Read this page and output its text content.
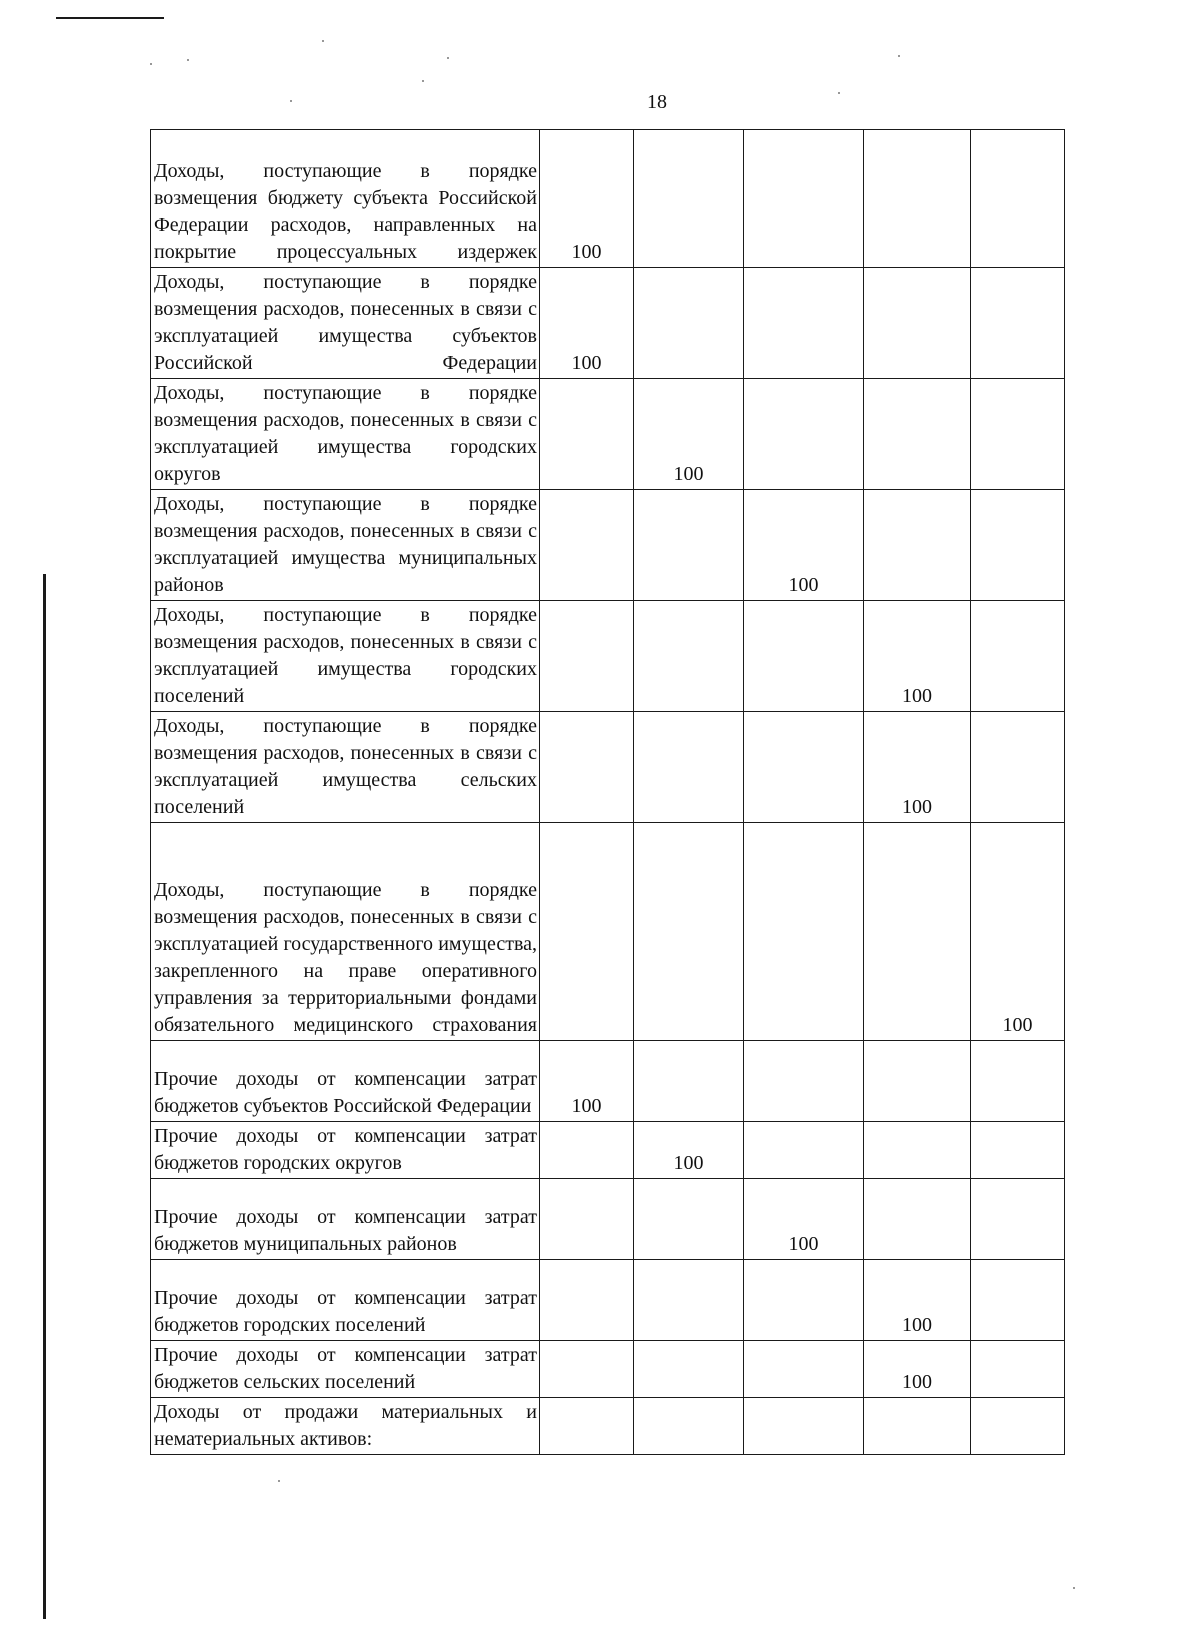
18
Доходы, поступающие в порядке возмещения бюджету субъекта Российской Федерации расходов, направленных на покрытие процессуальных издержек	100				
Доходы, поступающие в порядке возмещения расходов, понесенных в связи с эксплуатацией имущества субъектов Российской Федерации	100				
Доходы, поступающие в порядке возмещения расходов, понесенных в связи с эксплуатацией имущества городских округов		100			
Доходы, поступающие в порядке возмещения расходов, понесенных в связи с эксплуатацией имущества муниципальных районов			100		
Доходы, поступающие в порядке возмещения расходов, понесенных в связи с эксплуатацией имущества городских поселений				100	
Доходы, поступающие в порядке возмещения расходов, понесенных в связи с эксплуатацией имущества сельских поселений				100	
Доходы, поступающие в порядке возмещения расходов, понесенных в связи с эксплуатацией государственного имущества, закрепленного на праве оперативного управления за территориальными фондами обязательного медицинского страхования					100
Прочие доходы от компенсации затрат бюджетов субъектов Российской Федерации	100				
Прочие доходы от компенсации затрат бюджетов городских округов		100			
Прочие доходы от компенсации затрат бюджетов муниципальных районов			100		
Прочие доходы от компенсации затрат бюджетов городских поселений				100	
Прочие доходы от компенсации затрат бюджетов сельских поселений				100	
Доходы от продажи материальных и нематериальных активов:					
